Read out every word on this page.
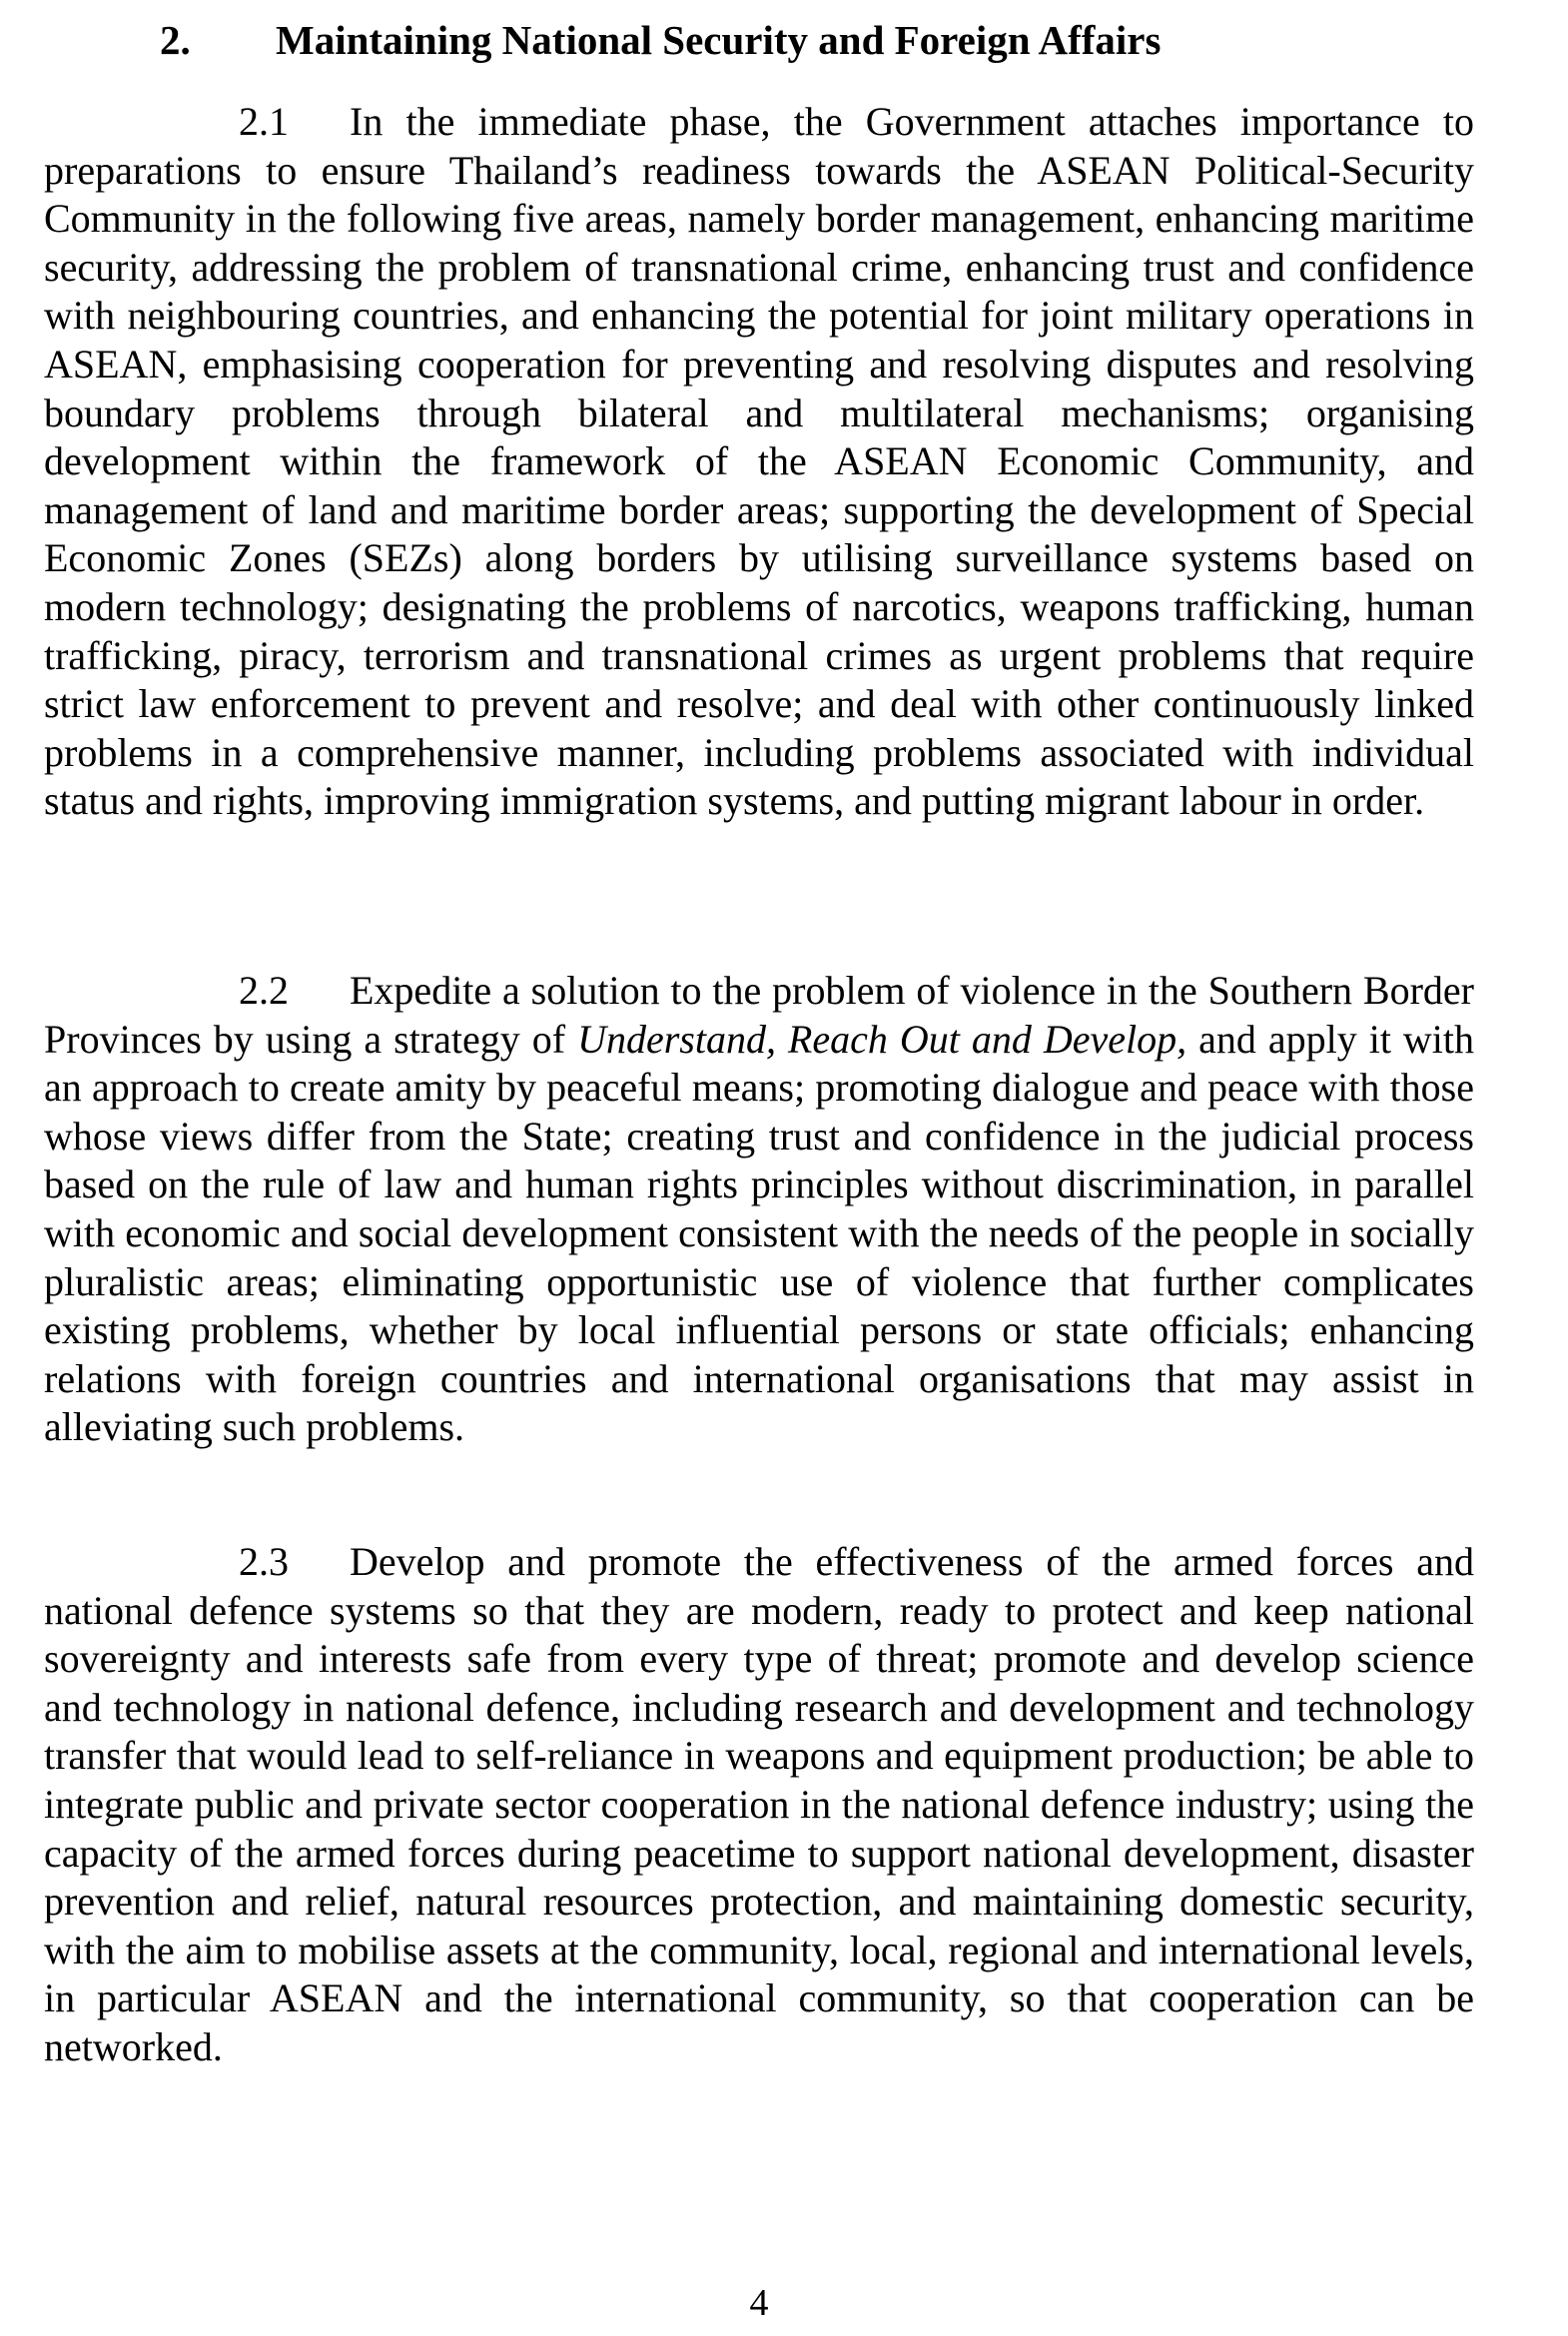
2. Maintaining National Security and Foreign Affairs

2.1 In the immediate phase, the Government attaches importance to preparations to ensure Thailand’s readiness towards the ASEAN Political-Security Community in the following five areas, namely border management, enhancing maritime security, addressing the problem of transnational crime, enhancing trust and confidence with neighbouring countries, and enhancing the potential for joint military operations in ASEAN, emphasising cooperation for preventing and resolving disputes and resolving boundary problems through bilateral and multilateral mechanisms; organising development within the framework of the ASEAN Economic Community, and management of land and maritime border areas; supporting the development of Special Economic Zones (SEZs) along borders by utilising surveillance systems based on modern technology; designating the problems of narcotics, weapons trafficking, human trafficking, piracy, terrorism and transnational crimes as urgent problems that require strict law enforcement to prevent and resolve; and deal with other continuously linked problems in a comprehensive manner, including problems associated with individual status and rights, improving immigration systems, and putting migrant labour in order.

2.2 Expedite a solution to the problem of violence in the Southern Border Provinces by using a strategy of Understand, Reach Out and Develop, and apply it with an approach to create amity by peaceful means; promoting dialogue and peace with those whose views differ from the State; creating trust and confidence in the judicial process based on the rule of law and human rights principles without discrimination, in parallel with economic and social development consistent with the needs of the people in socially pluralistic areas; eliminating opportunistic use of violence that further complicates existing problems, whether by local influential persons or state officials; enhancing relations with foreign countries and international organisations that may assist in alleviating such problems.

2.3 Develop and promote the effectiveness of the armed forces and national defence systems so that they are modern, ready to protect and keep national sovereignty and interests safe from every type of threat; promote and develop science and technology in national defence, including research and development and technology transfer that would lead to self-reliance in weapons and equipment production; be able to integrate public and private sector cooperation in the national defence industry; using the capacity of the armed forces during peacetime to support national development, disaster prevention and relief, natural resources protection, and maintaining domestic security, with the aim to mobilise assets at the community, local, regional and international levels, in particular ASEAN and the international community, so that cooperation can be networked.

4
